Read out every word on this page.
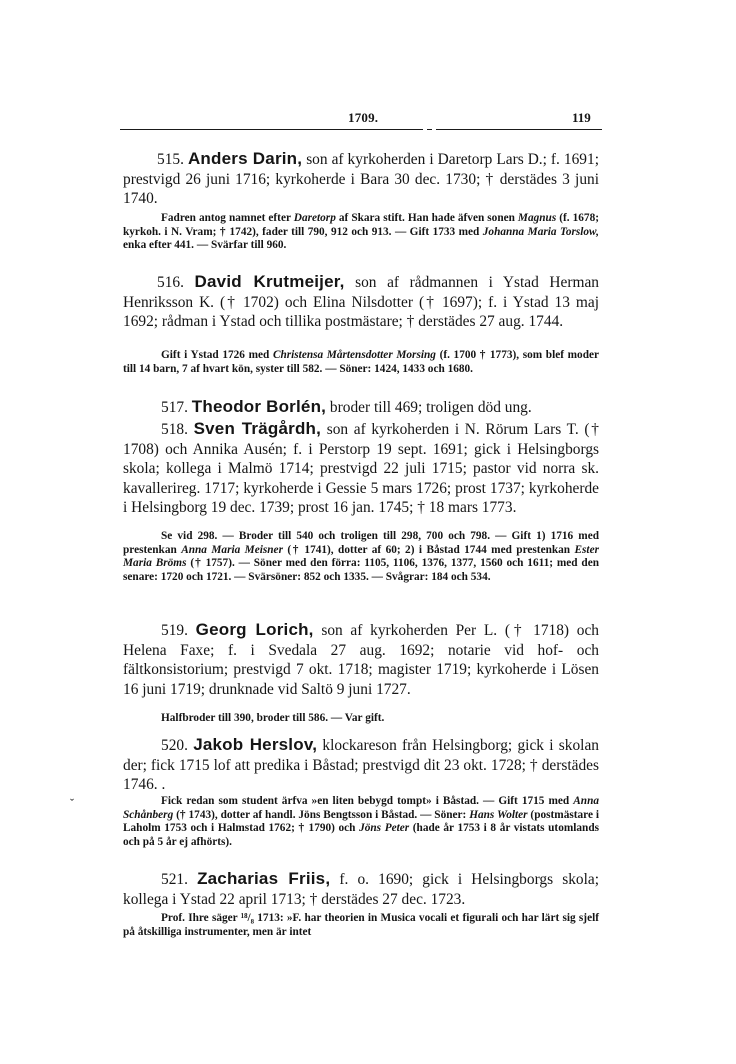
1709.	119
515. Anders Darin, son af kyrkoherden i Daretorp Lars D.; f. 1691; prestvigd 26 juni 1716; kyrkoherde i Bara 30 dec. 1730; † derstädes 3 juni 1740.
Fadren antog namnet efter Daretorp af Skara stift. Han hade äfven sonen Magnus (f. 1678; kyrkoh. i N. Vram; † 1742), fader till 790, 912 och 913. — Gift 1733 med Johanna Maria Torslow, enka efter 441. — Svärfar till 960.
516. David Krutmeijer, son af rådmannen i Ystad Herman Henriksson K. († 1702) och Elina Nilsdotter († 1697); f. i Ystad 13 maj 1692; rådman i Ystad och tillika postmästare; † derstädes 27 aug. 1744.
Gift i Ystad 1726 med Christensa Mårtensdotter Morsing (f. 1700 † 1773), som blef moder till 14 barn, 7 af hvart kön, syster till 582. — Söner: 1424, 1433 och 1680.
517. Theodor Borlén, broder till 469; troligen död ung.
518. Sven Trägårdh, son af kyrkoherden i N. Rörum Lars T. († 1708) och Annika Ausén; f. i Perstorp 19 sept. 1691; gick i Helsingborgs skola; kollega i Malmö 1714; prestvigd 22 juli 1715; pastor vid norra sk. kavallerireg. 1717; kyrkoherde i Gessie 5 mars 1726; prost 1737; kyrkoherde i Helsingborg 19 dec. 1739; prost 16 jan. 1745; † 18 mars 1773.
Se vid 298. — Broder till 540 och troligen till 298, 700 och 798. — Gift 1) 1716 med prestenkan Anna Maria Meisner († 1741), dotter af 60; 2) i Båstad 1744 med prestenkan Ester Maria Bröms († 1757). — Söner med den förra: 1105, 1106, 1376, 1377, 1560 och 1611; med den senare: 1720 och 1721. — Svärsöner: 852 och 1335. — Svågrar: 184 och 534.
519. Georg Lorich, son af kyrkoherden Per L. († 1718) och Helena Faxe; f. i Svedala 27 aug. 1692; notarie vid hof- och fältkonsistorium; prestvigd 7 okt. 1718; magister 1719; kyrkoherde i Lösen 16 juni 1719; drunknade vid Saltö 9 juni 1727.
Halfbroder till 390, broder till 586. — Var gift.
520. Jakob Herslov, klockareson från Helsingborg; gick i skolan der; fick 1715 lof att predika i Båstad; prestvigd dit 23 okt. 1728; † derstädes 1746. .
Fick redan som student ärfva »en liten bebygd tompt» i Båstad. — Gift 1715 med Anna Schånberg († 1743), dotter af handl. Jöns Bengtsson i Båstad. — Söner: Hans Wolter (postmästare i Laholm 1753 och i Halmstad 1762; † 1790) och Jöns Peter (hade år 1753 i 8 år vistats utomlands och på 5 år ej afhörts).
521. Zacharias Friis, f. o. 1690; gick i Helsingborgs skola; kollega i Ystad 22 april 1713; † derstädes 27 dec. 1723.
Prof. Ihre säger ¹⁸/₈ 1713: »F. har theorien in Musica vocali et figurali och har lärt sig sjelf på åtskilliga instrumenter, men är intet
ˇ
